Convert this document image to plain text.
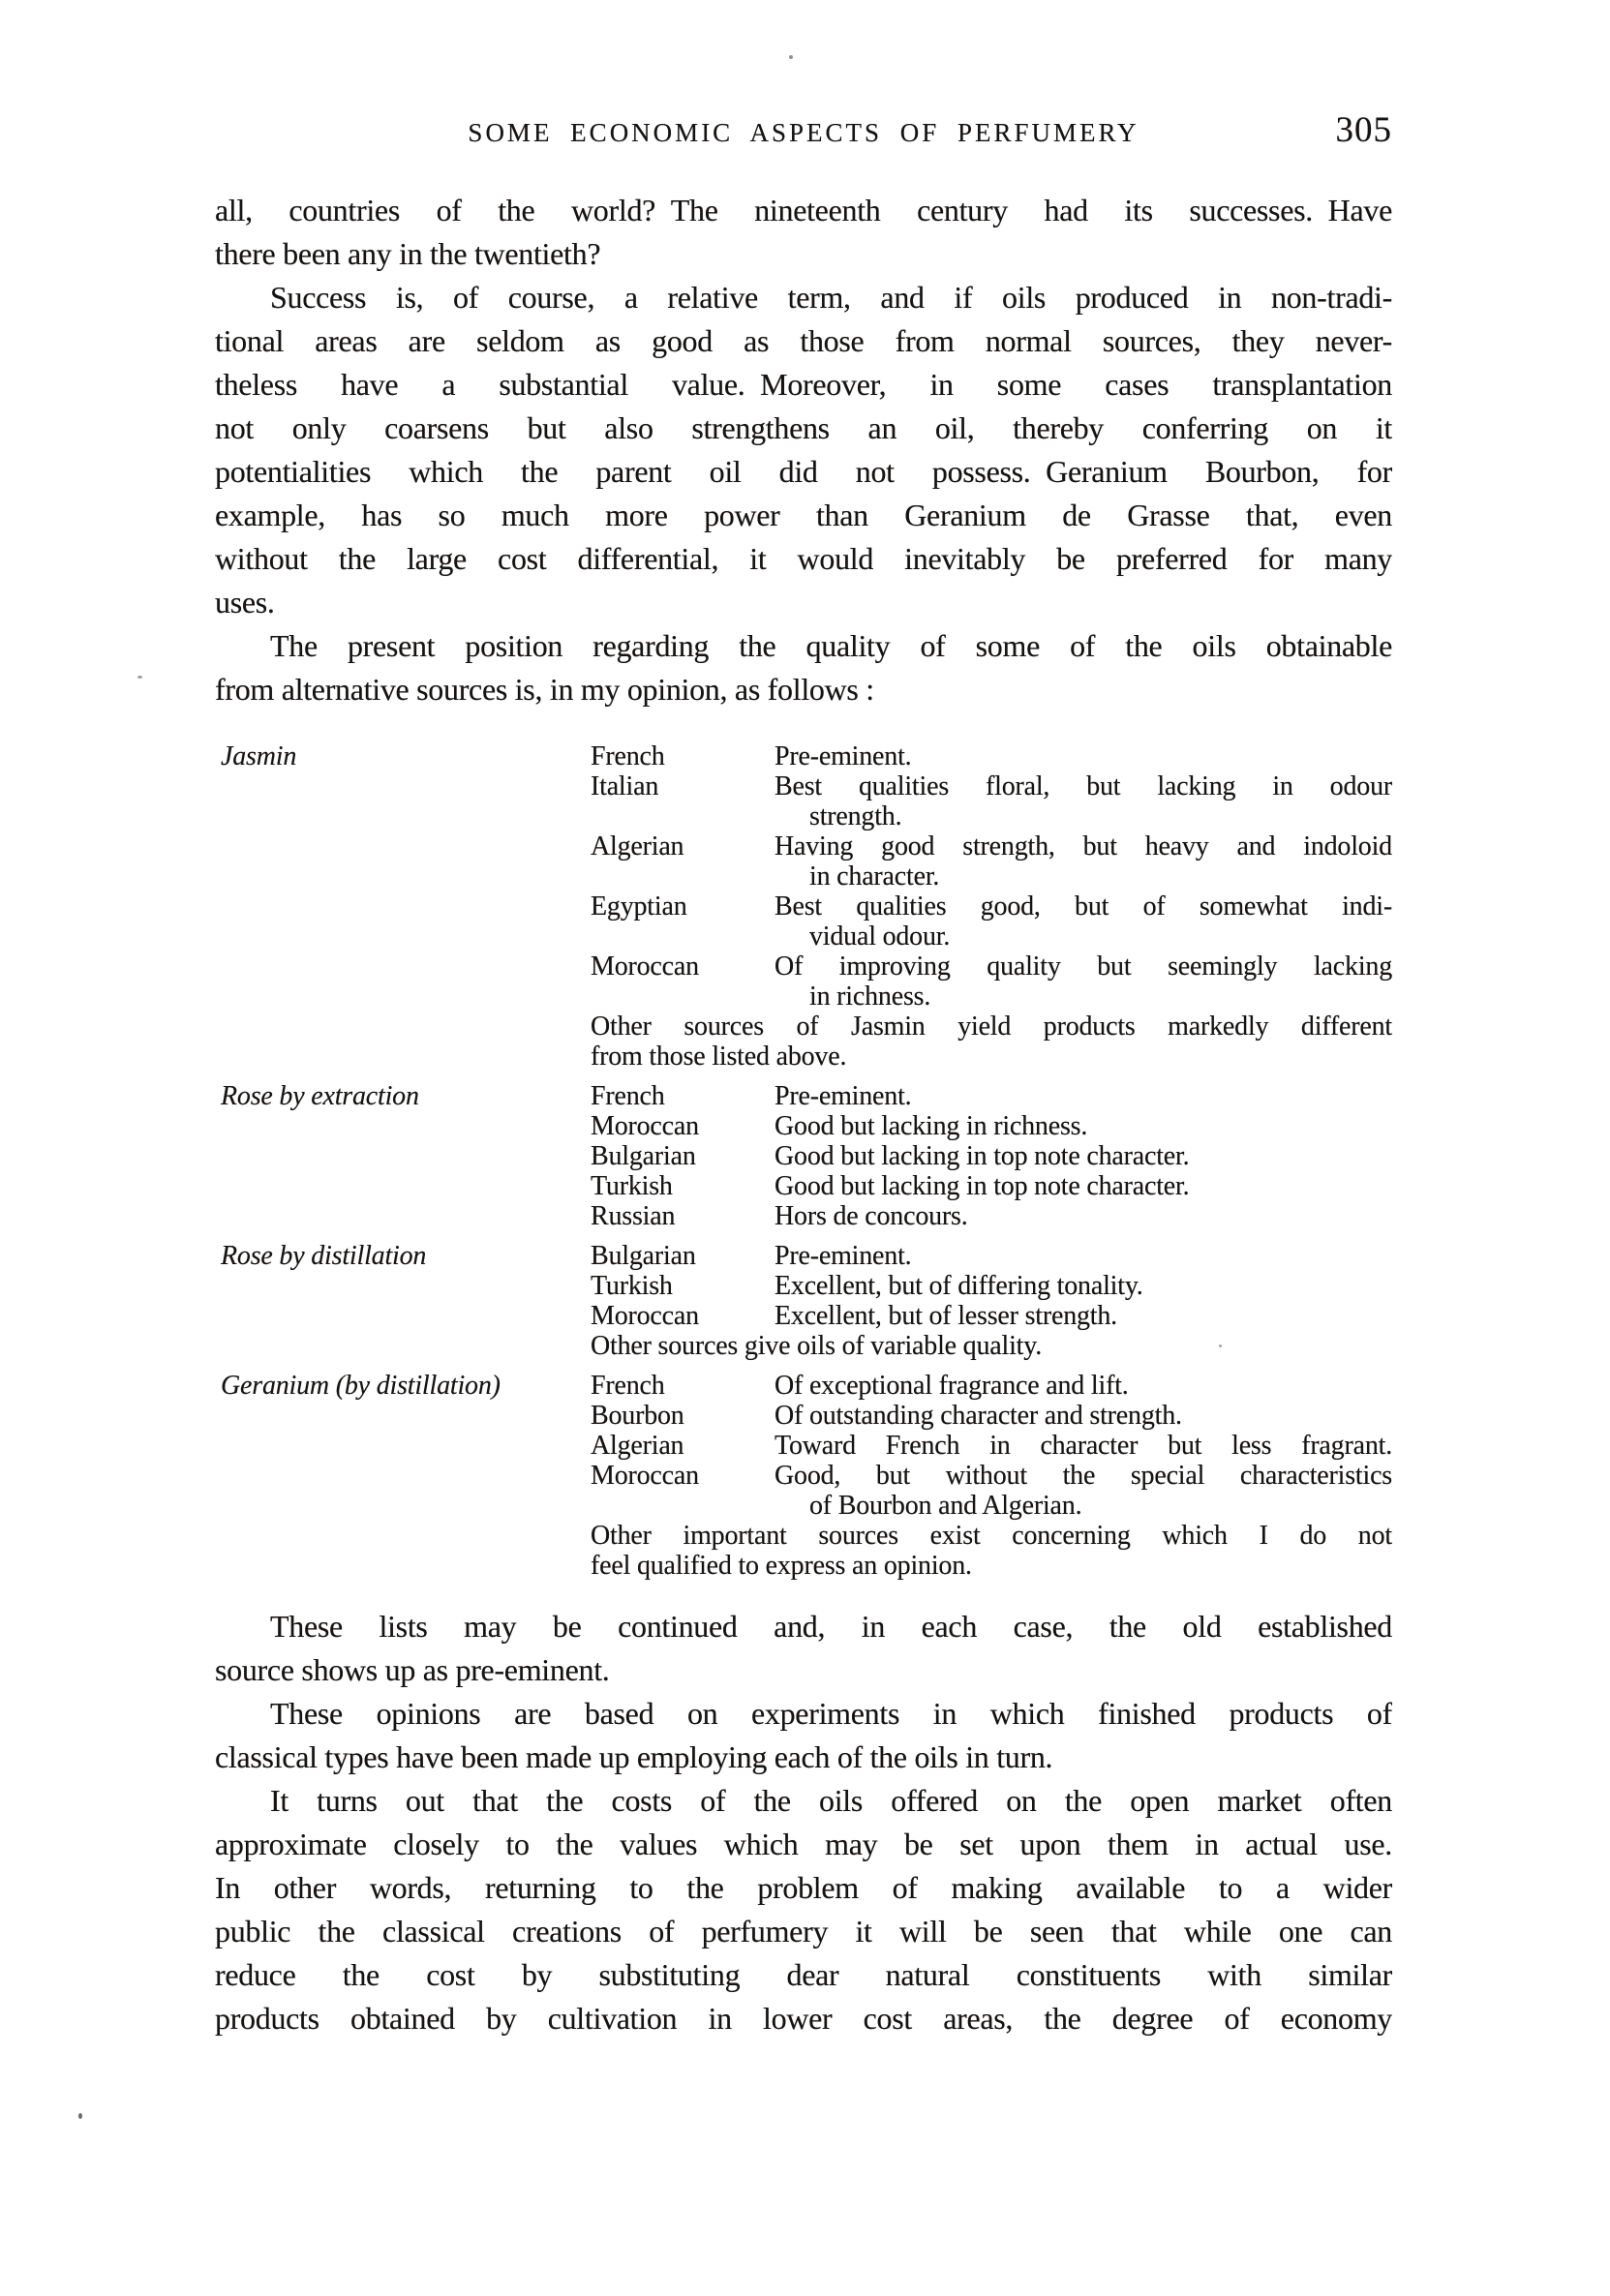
SOME ECONOMIC ASPECTS OF PERFUMERY	305
all, countries of the world? The nineteenth century had its successes. Have
there been any in the twentieth?
Success is, of course, a relative term, and if oils produced in non-tradi-
tional areas are seldom as good as those from normal sources, they never-
theless have a substantial value. Moreover, in some cases transplantation
not only coarsens but also strengthens an oil, thereby conferring on it
potentialities which the parent oil did not possess. Geranium Bourbon, for
example, has so much more power than Geranium de Grasse that, even
without the large cost differential, it would inevitably be preferred for many
uses.
The present position regarding the quality of some of the oils obtainable
from alternative sources is, in my opinion, as follows :
Jasmin	French	Pre-eminent.
Italian	Best qualities floral, but lacking in odour
strength.
Algerian	Having good strength, but heavy and indoloid
in character.
Egyptian	Best qualities good, but of somewhat indi-
vidual odour.
Moroccan	Of improving quality but seemingly lacking
in richness.
Other sources of Jasmin yield products markedly different
from those listed above.
Rose by extraction	French	Pre-eminent.
Moroccan	Good but lacking in richness.
Bulgarian	Good but lacking in top note character.
Turkish	Good but lacking in top note character.
Russian	Hors de concours.
Rose by distillation	Bulgarian	Pre-eminent.
Turkish	Excellent, but of differing tonality.
Moroccan	Excellent, but of lesser strength.
Other sources give oils of variable quality.
Geranium (by distillation)	French	Of exceptional fragrance and lift.
Bourbon	Of outstanding character and strength.
Algerian	Toward French in character but less fragrant.
Moroccan	Good, but without the special characteristics
of Bourbon and Algerian.
Other important sources exist concerning which I do not
feel qualified to express an opinion.
These lists may be continued and, in each case, the old established
source shows up as pre-eminent.
These opinions are based on experiments in which finished products of
classical types have been made up employing each of the oils in turn.
It turns out that the costs of the oils offered on the open market often
approximate closely to the values which may be set upon them in actual use.
In other words, returning to the problem of making available to a wider
public the classical creations of perfumery it will be seen that while one can
reduce the cost by substituting dear natural constituents with similar
products obtained by cultivation in lower cost areas, the degree of economy
